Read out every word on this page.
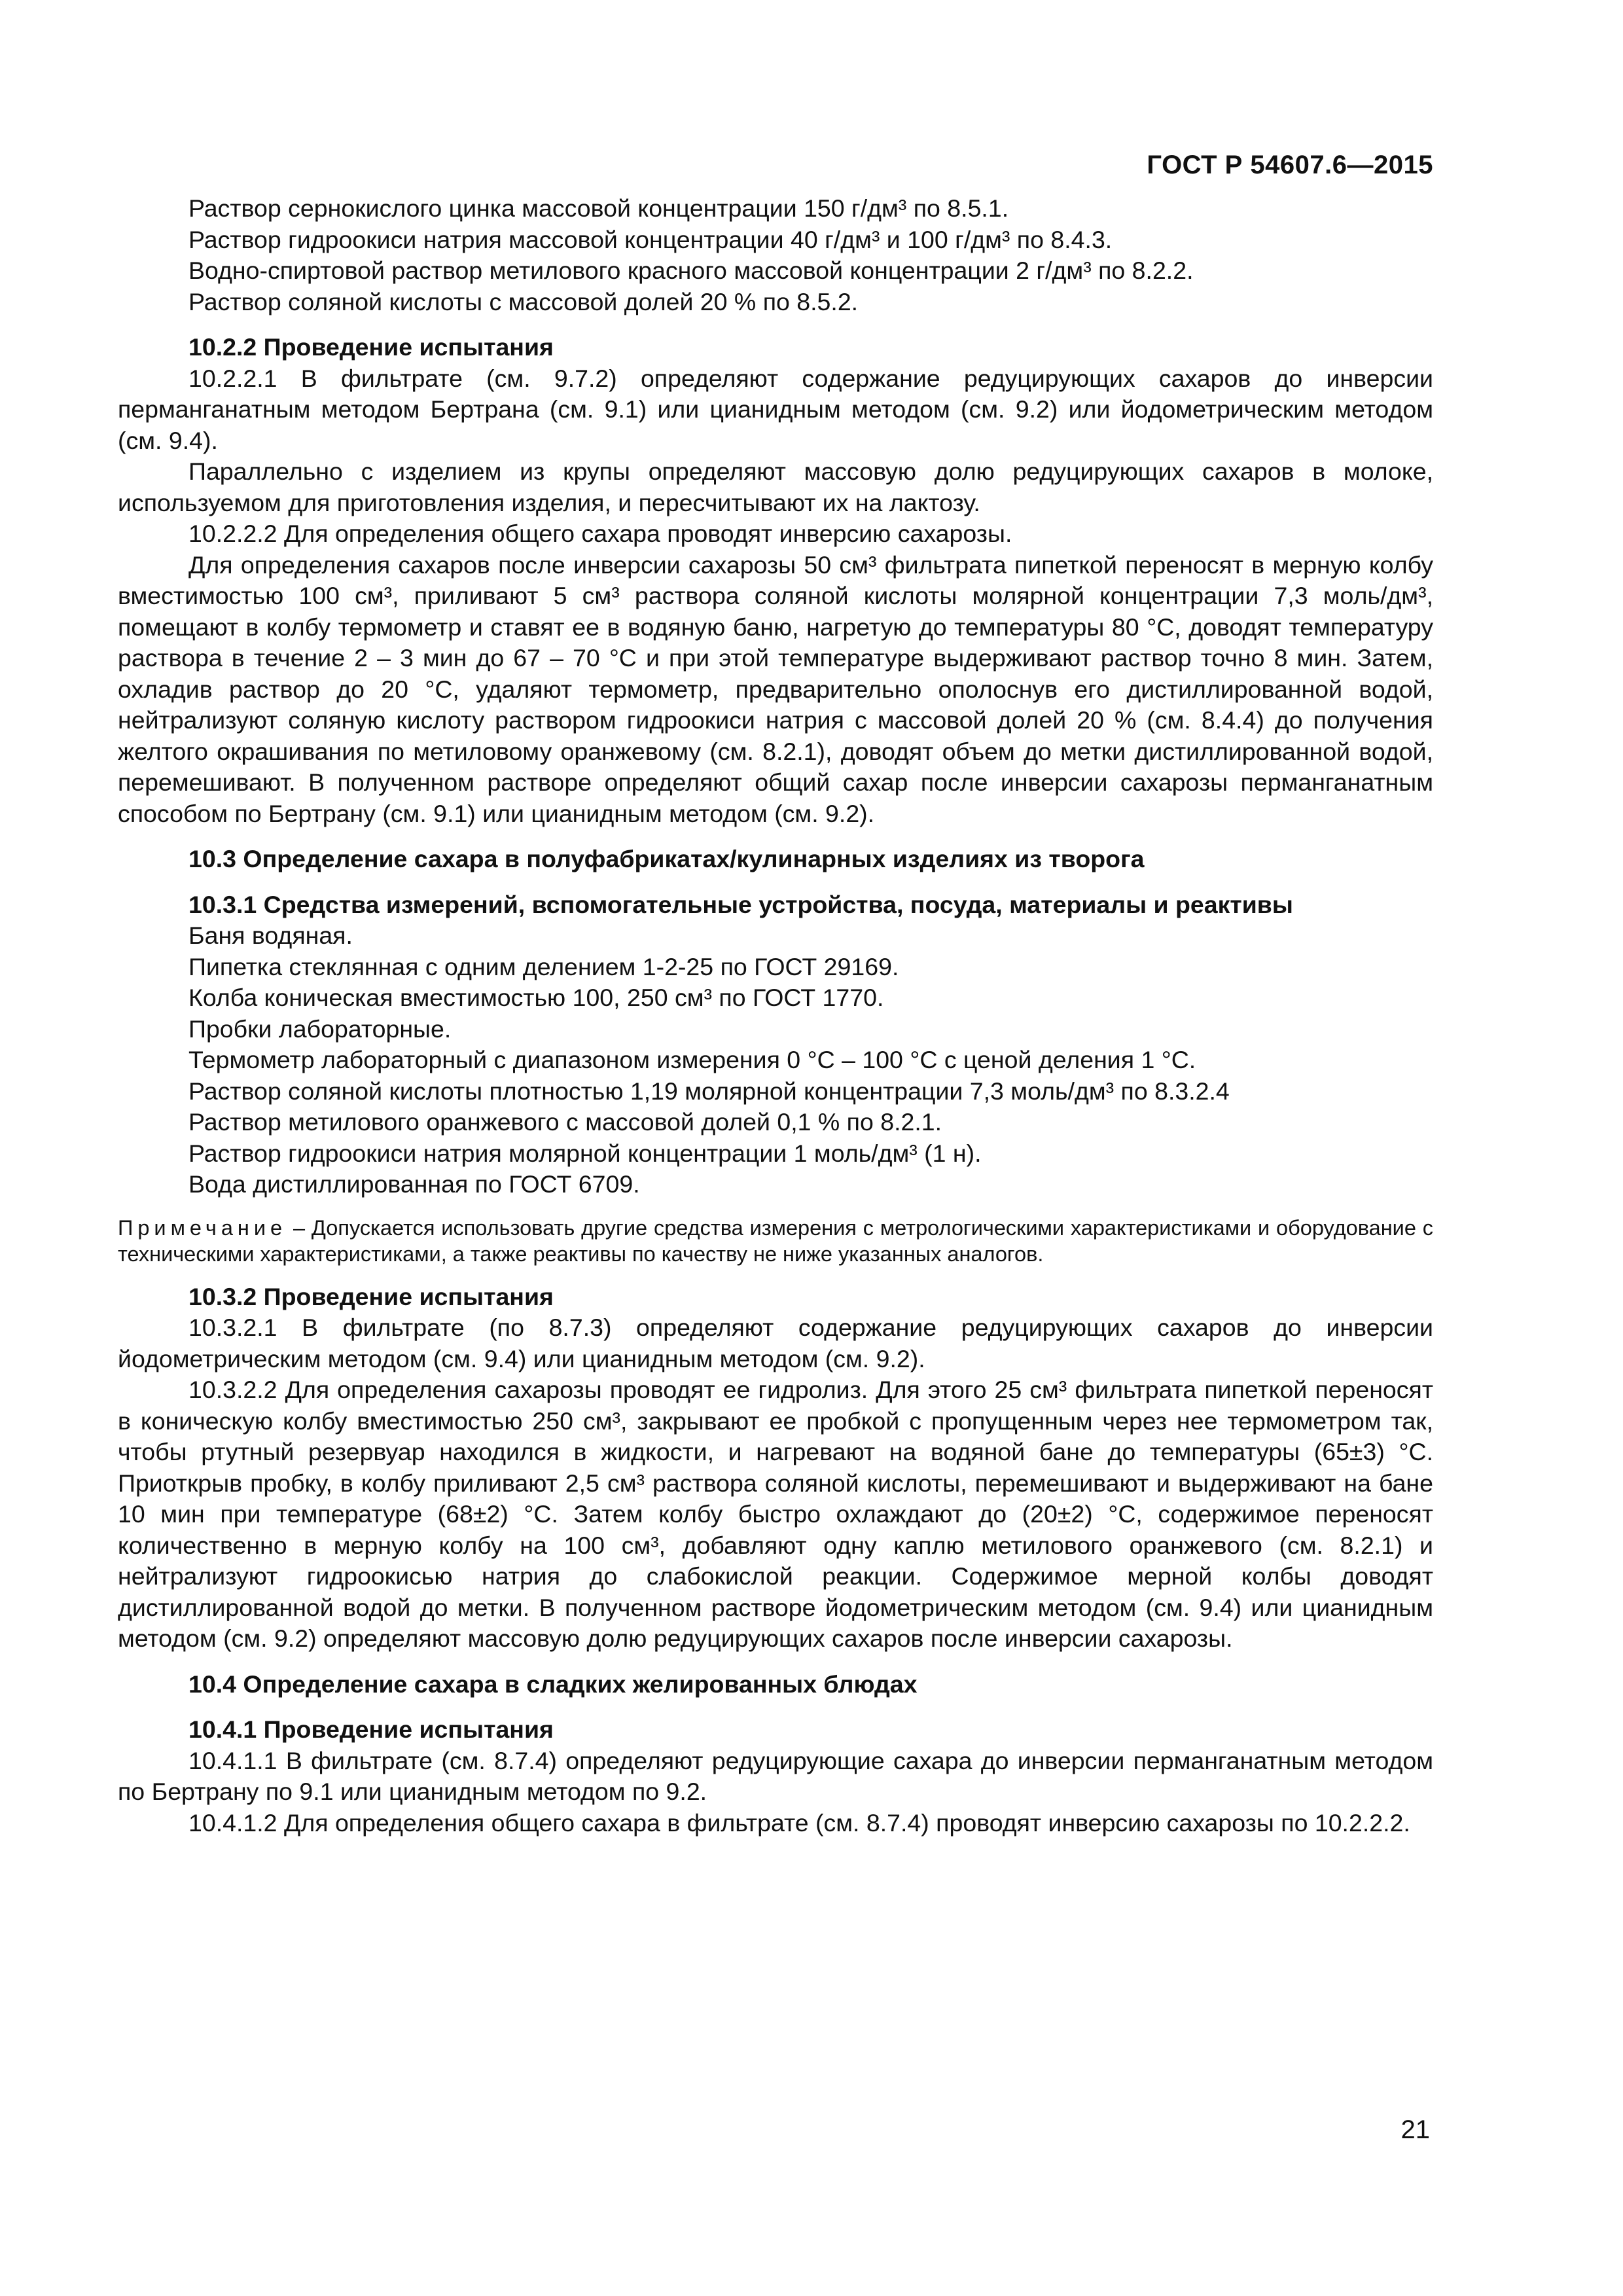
ГОСТ Р 54607.6—2015

Раствор сернокислого цинка массовой концентрации 150 г/дм³ по 8.5.1.

Раствор гидроокиси натрия массовой концентрации 40 г/дм³ и 100 г/дм³ по 8.4.3.

Водно-спиртовой раствор метилового красного массовой концентрации 2 г/дм³ по 8.2.2.

Раствор соляной кислоты с массовой долей 20 % по 8.5.2.

10.2.2 Проведение испытания

10.2.2.1 В фильтрате (см. 9.7.2) определяют содержание редуцирующих сахаров до инверсии перманганатным методом Бертрана (см. 9.1) или цианидным методом (см. 9.2) или йодометрическим методом (см. 9.4).

Параллельно с изделием из крупы определяют массовую долю редуцирующих сахаров в молоке, используемом для приготовления изделия, и пересчитывают их на лактозу.

10.2.2.2 Для определения общего сахара проводят инверсию сахарозы.

Для определения сахаров после инверсии сахарозы 50 см³ фильтрата пипеткой переносят в мерную колбу вместимостью 100 см³, приливают 5 см³ раствора соляной кислоты молярной концентрации 7,3 моль/дм³, помещают в колбу термометр и ставят ее в водяную баню, нагретую до температуры 80 °С, доводят температуру раствора в течение 2 – 3 мин до 67 – 70 °С и при этой температуре выдерживают раствор точно 8 мин. Затем, охладив раствор до 20 °С, удаляют термометр, предварительно ополоснув его дистиллированной водой, нейтрализуют соляную кислоту раствором гидроокиси натрия с массовой долей 20 % (см. 8.4.4) до получения желтого окрашивания по метиловому оранжевому (см. 8.2.1), доводят объем до метки дистиллированной водой, перемешивают. В полученном растворе определяют общий сахар после инверсии сахарозы перманганатным способом по Бертрану (см. 9.1) или цианидным методом (см. 9.2).

10.3 Определение сахара в полуфабрикатах/кулинарных изделиях из творога

10.3.1 Средства измерений, вспомогательные устройства, посуда, материалы и реактивы

Баня водяная.

Пипетка стеклянная с одним делением 1-2-25 по ГОСТ 29169.

Колба коническая вместимостью 100, 250 см³ по ГОСТ 1770.

Пробки лабораторные.

Термометр лабораторный с диапазоном измерения 0 °С – 100 °С с ценой деления 1 °С.

Раствор соляной кислоты плотностью 1,19 молярной концентрации 7,3 моль/дм³ по 8.3.2.4

Раствор метилового оранжевого с массовой долей 0,1 % по 8.2.1.

Раствор гидроокиси натрия молярной концентрации 1 моль/дм³ (1 н).

Вода дистиллированная по ГОСТ 6709.

Примечание – Допускается использовать другие средства измерения с метрологическими характеристиками и оборудование с техническими характеристиками, а также реактивы по качеству не ниже указанных аналогов.

10.3.2 Проведение испытания

10.3.2.1 В фильтрате (по 8.7.3) определяют содержание редуцирующих сахаров до инверсии йодометрическим методом (см. 9.4) или цианидным методом (см. 9.2).

10.3.2.2 Для определения сахарозы проводят ее гидролиз. Для этого 25 см³ фильтрата пипеткой переносят в коническую колбу вместимостью 250 см³, закрывают ее пробкой с пропущенным через нее термометром так, чтобы ртутный резервуар находился в жидкости, и нагревают на водяной бане до температуры (65±3) °С. Приоткрыв пробку, в колбу приливают 2,5 см³ раствора соляной кислоты, перемешивают и выдерживают на бане 10 мин при температуре (68±2) °С. Затем колбу быстро охлаждают до (20±2) °С, содержимое переносят количественно в мерную колбу на 100 см³, добавляют одну каплю метилового оранжевого (см. 8.2.1) и нейтрализуют гидроокисью натрия до слабокислой реакции. Содержимое мерной колбы доводят дистиллированной водой до метки. В полученном растворе йодометрическим методом (см. 9.4) или цианидным методом (см. 9.2) определяют массовую долю редуцирующих сахаров после инверсии сахарозы.

10.4 Определение сахара в сладких желированных блюдах

10.4.1 Проведение испытания

10.4.1.1 В фильтрате (см. 8.7.4) определяют редуцирующие сахара до инверсии перманганатным методом по Бертрану по 9.1 или цианидным методом по 9.2.

10.4.1.2 Для определения общего сахара в фильтрате (см. 8.7.4) проводят инверсию сахарозы по 10.2.2.2.

21
